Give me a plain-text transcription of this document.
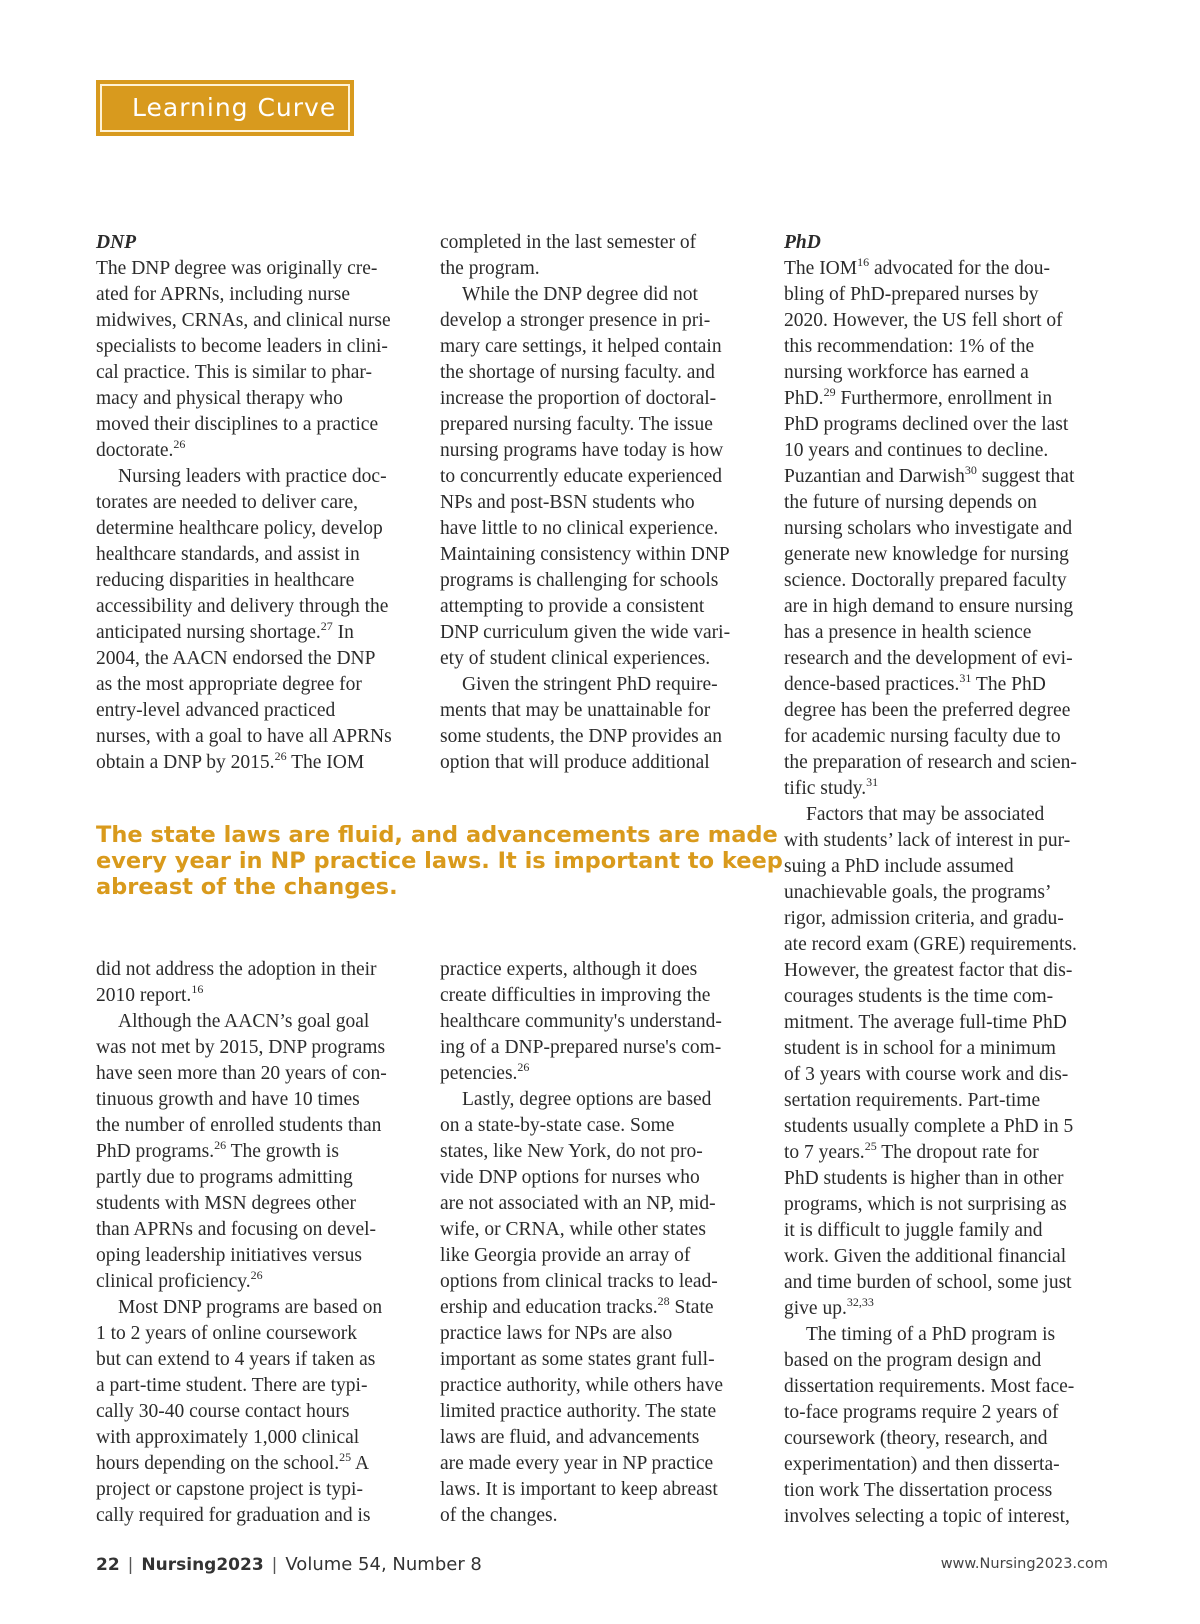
Learning Curve
DNP
The DNP degree was originally cre-
ated for APRNs, including nurse
midwives, CRNAs, and clinical nurse
specialists to become leaders in clini-
cal practice. This is similar to phar-
macy and physical therapy who
moved their disciplines to a practice
doctorate.$^{26}$
Nursing leaders with practice doc-
torates are needed to deliver care,
determine healthcare policy, develop
healthcare standards, and assist in
reducing disparities in healthcare
accessibility and delivery through the
anticipated nursing shortage.$^{27}$ In
2004, the AACN endorsed the DNP
as the most appropriate degree for
entry-level advanced practiced
nurses, with a goal to have all APRNs
obtain a DNP by 2015.26 The IOM
completed in the last semester of
the program.
While the DNP degree did not
develop a stronger presence in pri-
mary care settings, it helped contain
the shortage of nursing faculty. and
increase the proportion of doctoral-
prepared nursing faculty. The issue
nursing programs have today is how
to concurrently educate experienced
NPs and post-BSN students who
have little to no clinical experience.
Maintaining consistency within DNP
programs is challenging for schools
attempting to provide a consistent
DNP curriculum given the wide vari-
ety of student clinical experiences.
Given the stringent PhD require-
ments that may be unattainable for
some students, the DNP provides an
option that will produce additional
The state laws are fluid, and advancements are made
every year in NP practice laws. It is important to keep
abreast of the changes.
did not address the adoption in their
2010 report.$^{16}$
Although the AACN’s goal goal
was not met by 2015, DNP programs
have seen more than 20 years of con-
tinuous growth and have 10 times
the number of enrolled students than
PhD programs.$^{26}$ The growth is
partly due to programs admitting
students with MSN degrees other
than APRNs and focusing on devel-
oping leadership initiatives versus
clinical proficiency.$^{26}$
Most DNP programs are based on
1 to 2 years of online coursework
but can extend to 4 years if taken as
a part-time student. There are typi-
cally 30-40 course contact hours
with approximately 1,000 clinical
hours depending on the school.$^{25}$ A
project or capstone project is typi-
cally required for graduation and is
practice experts, although it does
create difficulties in improving the
healthcare community's understand-
ing of a DNP-prepared nurse's com-
petencies.$^{26}$
Lastly, degree options are based
on a state-by-state case. Some
states, like New York, do not pro-
vide DNP options for nurses who
are not associated with an NP, mid-
wife, or CRNA, while other states
like Georgia provide an array of
options from clinical tracks to lead-
ership and education tracks.$^{28}$ State
practice laws for NPs are also
important as some states grant full-
practice authority, while others have
limited practice authority. The state
laws are fluid, and advancements
are made every year in NP practice
laws. It is important to keep abreast
of the changes.
PhD
The IOM$^{16}$ advocated for the dou-
bling of PhD-prepared nurses by
2020. However, the US fell short of
this recommendation: 1% of the
nursing workforce has earned a
PhD.$^{29}$ Furthermore, enrollment in
PhD programs declined over the last
10 years and continues to decline.
Puzantian and Darwish$^{30}$ suggest that
the future of nursing depends on
nursing scholars who investigate and
generate new knowledge for nursing
science. Doctorally prepared faculty
are in high demand to ensure nursing
has a presence in health science
research and the development of evi-
dence-based practices.$^{31}$ The PhD
degree has been the preferred degree
for academic nursing faculty due to
the preparation of research and scien-
tific study.$^{31}$
Factors that may be associated
with students’ lack of interest in pur-
suing a PhD include assumed
unachievable goals, the programs’
rigor, admission criteria, and gradu-
ate record exam (GRE) requirements.
However, the greatest factor that dis-
courages students is the time com-
mitment. The average full-time PhD
student is in school for a minimum
of 3 years with course work and dis-
sertation requirements. Part-time
students usually complete a PhD in 5
to 7 years.$^{25}$ The dropout rate for
PhD students is higher than in other
programs, which is not surprising as
it is difficult to juggle family and
work. Given the additional financial
and time burden of school, some just
give up.$^{32,33}$
The timing of a PhD program is
based on the program design and
dissertation requirements. Most face-
to-face programs require 2 years of
coursework (theory, research, and
experimentation) and then disserta-
tion work The dissertation process
involves selecting a topic of interest,
22 | Nursing2023 | Volume 54, Number 8	www.Nursing2023.com
